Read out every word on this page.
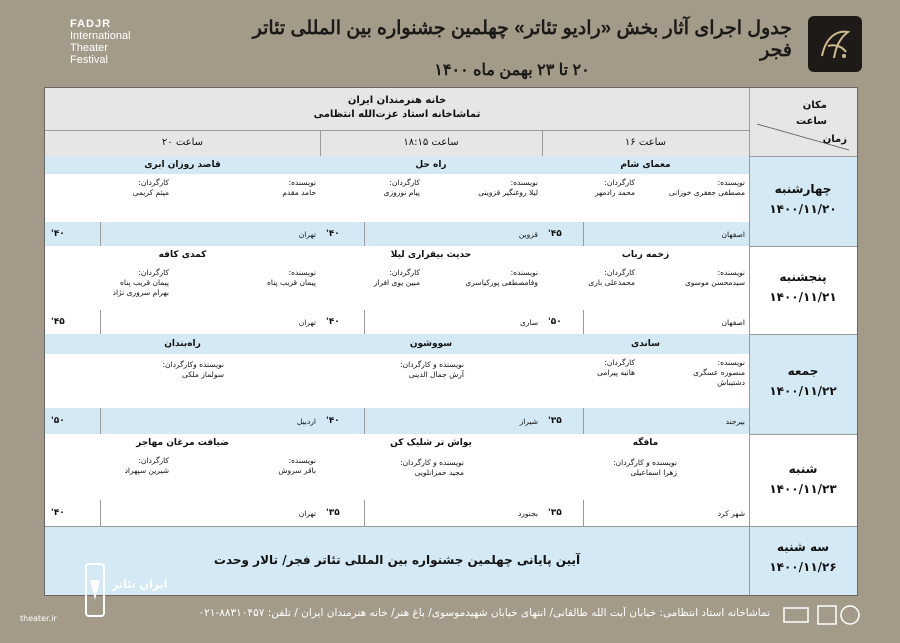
FADJR
International
Theater
Festival
جدول اجرای آثار بخش «رادیو تئاتر» چهلمین جشنواره بین المللی تئاتر فجر
۲۰ تا ۲۳ بهمن ماه ۱۴۰۰
خانه هنرمندان ایران
تماشاخانه استاد عزت‌الله انتظامی
مکان
ساعت
زمان
ساعت ۲۰	ساعت ۱۸:۱۵	ساعت ۱۶
چهارشنبه
۱۴۰۰/۱۱/۲۰
پنجشنبه
۱۴۰۰/۱۱/۲۱
جمعه
۱۴۰۰/۱۱/۲۲
شنبه
۱۴۰۰/۱۱/۲۳
سه شنبه
۱۴۰۰/۱۱/۲۶
آیین پایانی چهلمین جشنواره بین المللی تئاتر فجر/ تالار وحدت
معمای شام
نویسنده:
مصطفی جعفری خوزانی
کارگردان:
محمد رادمهر
اصفهان
۴۵'
راه حل
نویسنده:
لیلا روغنگیر قزوینی
کارگردان:
پیام نوروزی
قزوین
۴۰'
قاصد روزان ابری
نویسنده:
حامد مقدم
کارگردان:
میثم کریمی
تهران
۴۰'
زخمه رباب
نویسنده:
سیدمحسن موسوی
کارگردان:
محمدعلی باری
اصفهان
۵۰'
حدیث بیقراری لیلا
نویسنده:
وفامصطفی پورکیاسری
کارگردان:
مبین یوی افراز
ساری
۴۰'
کمدی کافه
نویسنده:
پیمان قریب پناه
کارگردان:
پیمان قریب پناه
بهرام سروری نژاد
تهران
۴۵'
ساندی
نویسنده:
منصوره عسگری
دشتیباش
کارگردان:
هانیه پیرامی
بیرجند
۳۵'
سووشون
نویسنده و کارگردان:
آرش جمال الدینی
شیراز
۴۰'
راه‌بندان
نویسنده وکارگردان:
سولماز ملکی
اردبیل
۵۰'
مافگه
نویسنده و کارگردان:
زهرا اسماعیلی
شهر کرد
۳۵'
یواش تر شلیک کن
نویسنده و کارگردان:
مجید حمزانلویی
بجنورد
۳۵'
ضیافت مرغان مهاجر
نویسنده:
باقر سروش
کارگردان:
شیرین سپهراد
تهران
۴۰'
تماشاخانه استاد انتظامی: خیابان آیت الله طالقانی/ انتهای خیابان شهیدموسوی/ باغ هنر/ خانه هنرمندان ایران / تلفن: ۸۸۳۱۰۴۵۷-۰۲۱
ایران تئاتر
theater.ir
